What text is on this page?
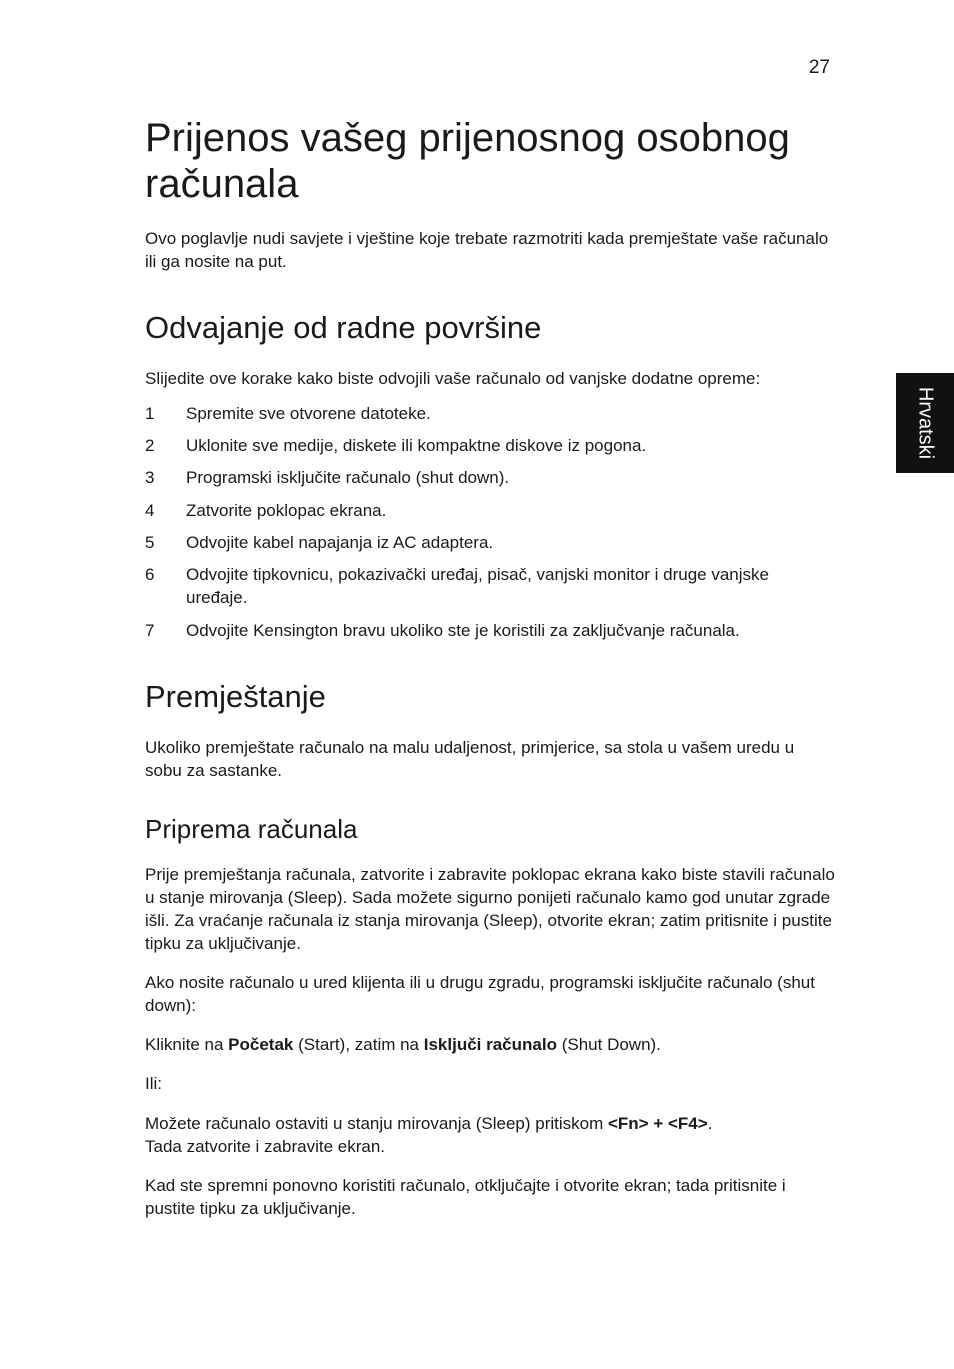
27
Hrvatski
Prijenos vašeg prijenosnog osobnog računala

Ovo poglavlje nudi savjete i vještine koje trebate razmotriti kada premještate vaše računalo ili ga nosite na put.

Odvajanje od radne površine

Slijedite ove korake kako biste odvojili vaše računalo od vanjske dodatne opreme:

1 Spremite sve otvorene datoteke.
2 Uklonite sve medije, diskete ili kompaktne diskove iz pogona.
3 Programski isključite računalo (shut down).
4 Zatvorite poklopac ekrana.
5 Odvojite kabel napajanja iz AC adaptera.
6 Odvojite tipkovnicu, pokazivački uređaj, pisač, vanjski monitor i druge vanjske uređaje.
7 Odvojite Kensington bravu ukoliko ste je koristili za zaključvanje računala.
Premještanje

Ukoliko premještate računalo na malu udaljenost, primjerice, sa stola u vašem uredu u sobu za sastanke.

Priprema računala

Prije premještanja računala, zatvorite i zabravite poklopac ekrana kako biste stavili računalo u stanje mirovanja (Sleep). Sada možete sigurno ponijeti računalo kamo god unutar zgrade išli. Za vraćanje računala iz stanja mirovanja (Sleep), otvorite ekran; zatim pritisnite i pustite tipku za uključivanje.

Ako nosite računalo u ured klijenta ili u drugu zgradu, programski isključite računalo (shut down):

Kliknite na Početak (Start), zatim na Isključi računalo (Shut Down).

Ili:

Možete računalo ostaviti u stanju mirovanja (Sleep) pritiskom <Fn> + <F4>.
Tada zatvorite i zabravite ekran.

Kad ste spremni ponovno koristiti računalo, otključajte i otvorite ekran; tada pritisnite i pustite tipku za uključivanje.
